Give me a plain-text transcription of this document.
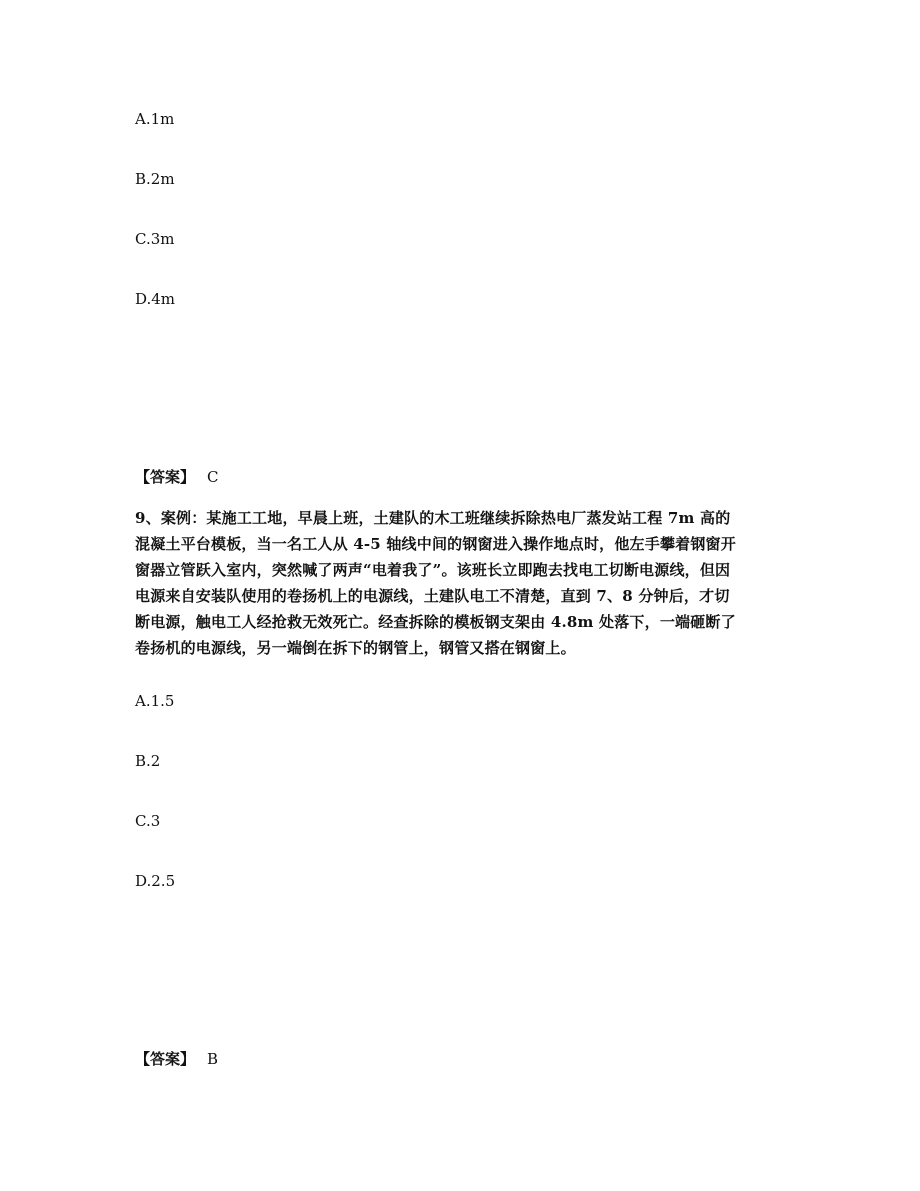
A.1m
B.2m
C.3m
D.4m
【答案】 C
9、案例：某施工工地，早晨上班，土建队的木工班继续拆除热电厂蒸发站工程 7m 高的
混凝土平台模板，当一名工人从 4-5 轴线中间的钢窗进入操作地点时，他左手攀着钢窗开
窗器立管跃入室内，突然喊了两声“电着我了”。该班长立即跑去找电工切断电源线，但因
电源来自安装队使用的卷扬机上的电源线，土建队电工不清楚，直到 7、8 分钟后，才切
断电源，触电工人经抢救无效死亡。经查拆除的模板钢支架由 4.8m 处落下，一端砸断了
卷扬机的电源线，另一端倒在拆下的钢管上，钢管又搭在钢窗上。
A.1.5
B.2
C.3
D.2.5
【答案】 B
